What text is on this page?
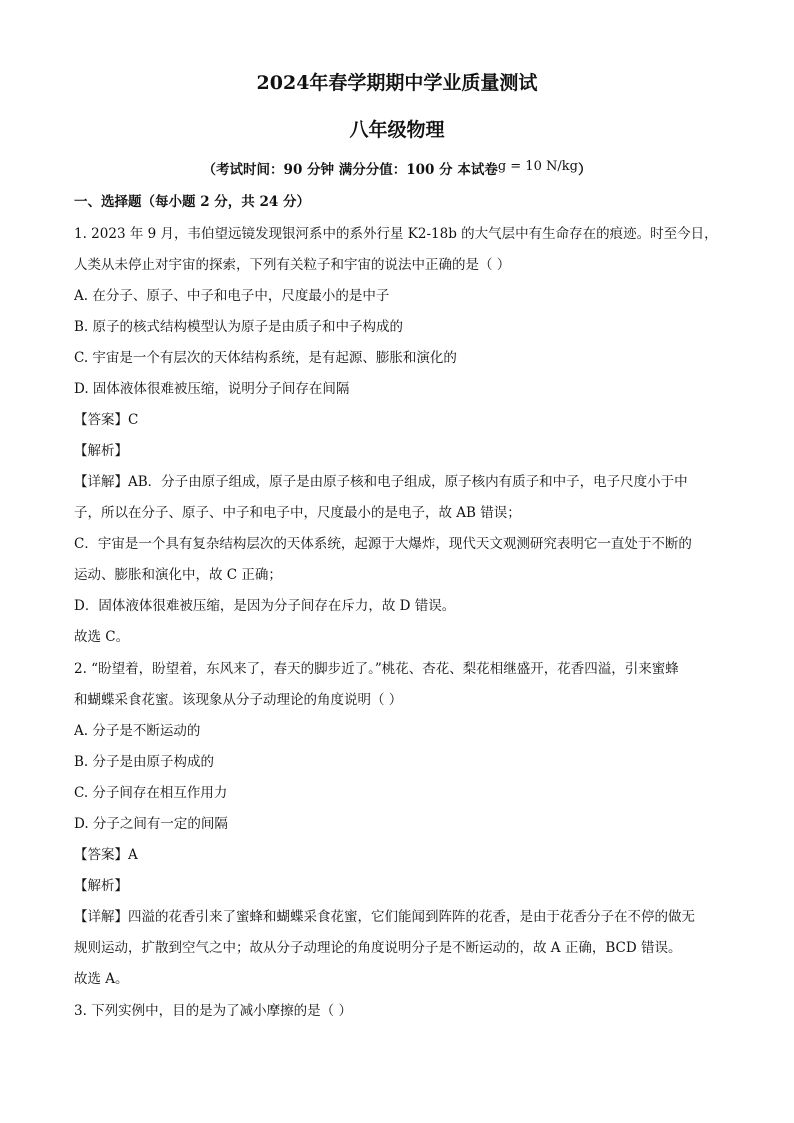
2024年春学期期中学业质量测试
八年级物理
（考试时间：90 分钟 满分分值：100 分 本试卷g = 10 N/kg）
一、选择题（每小题 2 分，共 24 分）
1. 2023 年 9 月，韦伯望远镜发现银河系中的系外行星 K2-18b 的大气层中有生命存在的痕迹。时至今日，
人类从未停止对宇宙的探索，下列有关粒子和宇宙的说法中正确的是（ ）
A. 在分子、原子、中子和电子中，尺度最小的是中子
B. 原子的核式结构模型认为原子是由质子和中子构成的
C. 宇宙是一个有层次的天体结构系统，是有起源、膨胀和演化的
D. 固体液体很难被压缩，说明分子间存在间隔
【答案】C
【解析】
【详解】AB．分子由原子组成，原子是由原子核和电子组成，原子核内有质子和中子，电子尺度小于中
子，所以在分子、原子、中子和电子中，尺度最小的是电子，故 AB 错误；
C．宇宙是一个具有复杂结构层次的天体系统，起源于大爆炸，现代天文观测研究表明它一直处于不断的
运动、膨胀和演化中，故 C 正确；
D．固体液体很难被压缩，是因为分子间存在斥力，故 D 错误。
故选 C。
2. “盼望着，盼望着，东风来了，春天的脚步近了。”桃花、杏花、梨花相继盛开，花香四溢，引来蜜蜂
和蝴蝶采食花蜜。该现象从分子动理论的角度说明（ ）
A. 分子是不断运动的
B. 分子是由原子构成的
C. 分子间存在相互作用力
D. 分子之间有一定的间隔
【答案】A
【解析】
【详解】四溢的花香引来了蜜蜂和蝴蝶采食花蜜，它们能闻到阵阵的花香，是由于花香分子在不停的做无
规则运动，扩散到空气之中；故从分子动理论的角度说明分子是不断运动的，故 A 正确，BCD 错误。
故选 A。
3. 下列实例中，目的是为了减小摩擦的是（ ）
